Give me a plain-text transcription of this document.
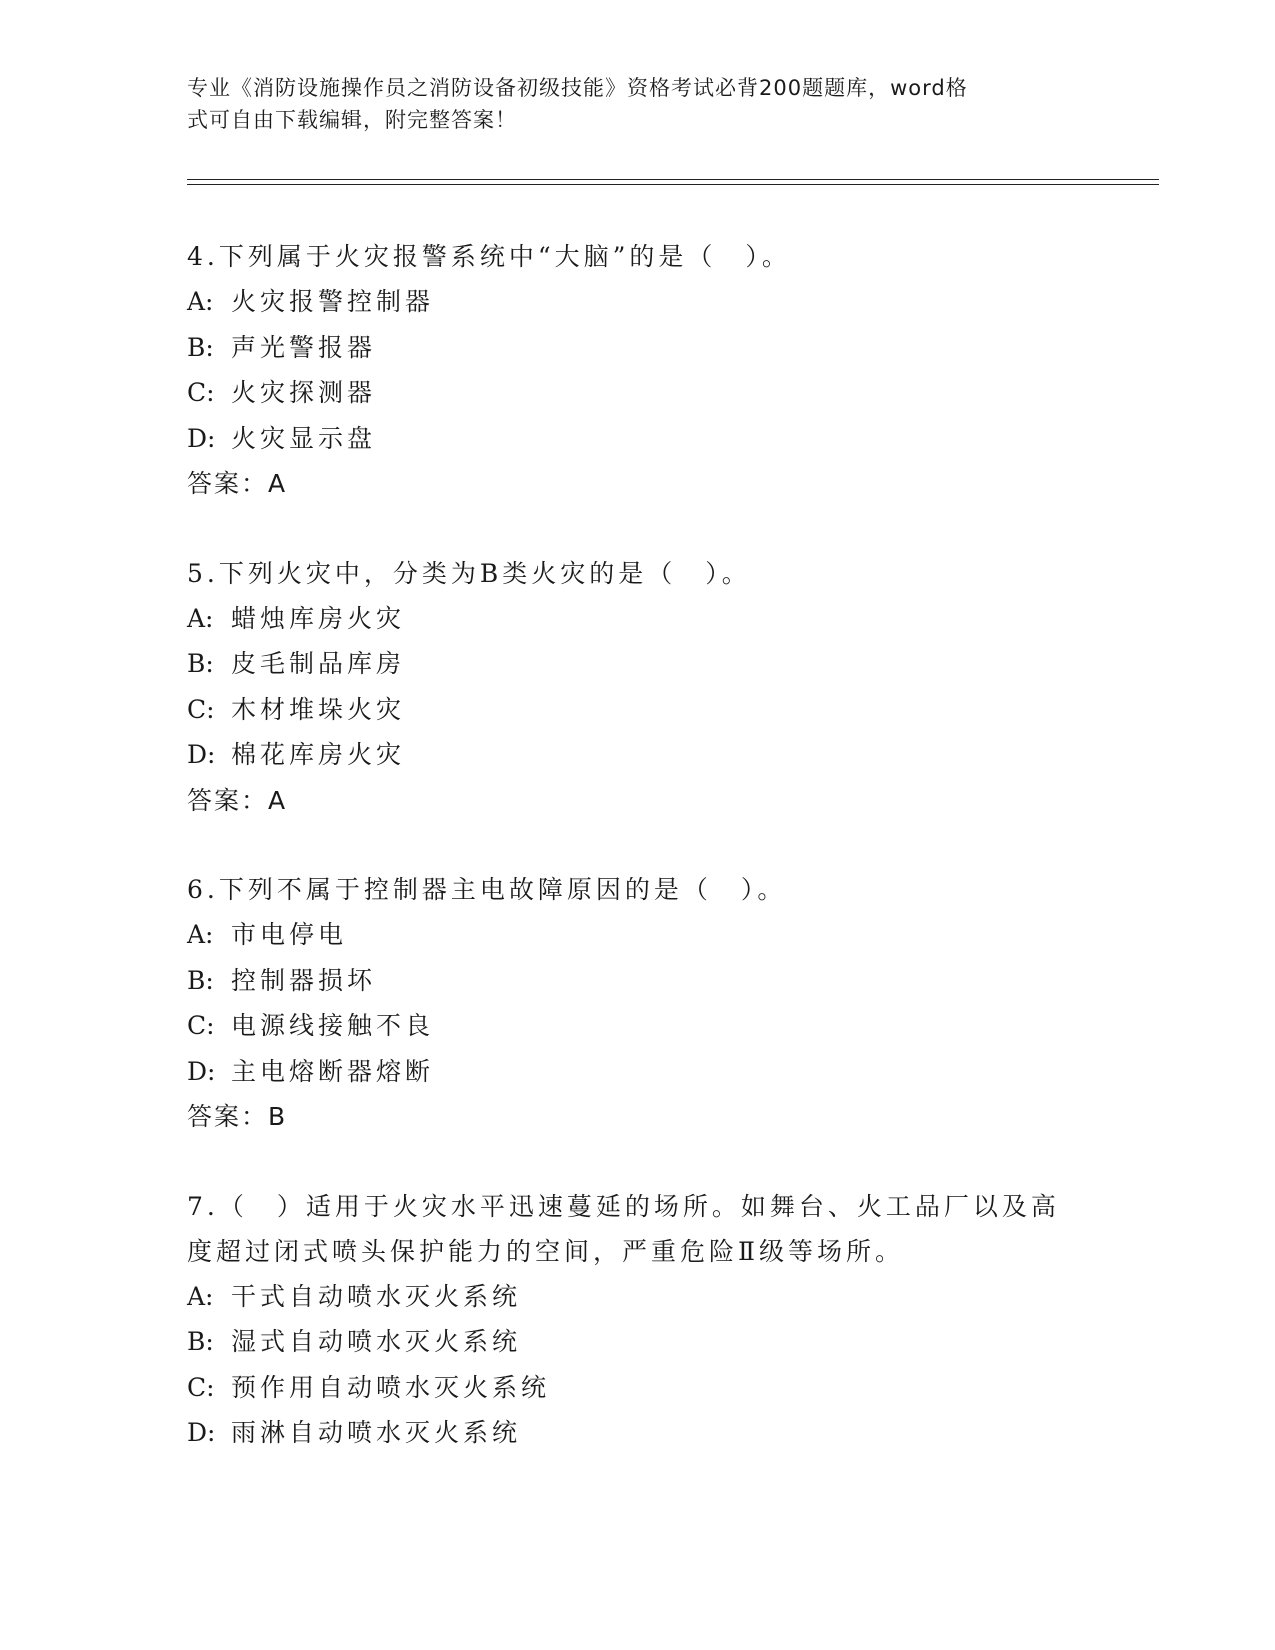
专业《消防设施操作员之消防设备初级技能》资格考试必背200题题库，word格

式可自由下载编辑，附完整答案！

4.下列属于火灾报警系统中“大脑”的是（　）。

A: 火灾报警控制器

B: 声光警报器

C: 火灾探测器

D: 火灾显示盘

答案：A

5.下列火灾中，分类为B类火灾的是（　）。

A: 蜡烛库房火灾

B: 皮毛制品库房

C: 木材堆垛火灾

D: 棉花库房火灾

答案：A

6.下列不属于控制器主电故障原因的是（　）。

A: 市电停电

B: 控制器损坏

C: 电源线接触不良

D: 主电熔断器熔断

答案：B

7.（　）适用于火灾水平迅速蔓延的场所。如舞台、火工品厂以及高度超过闭式喷头保护能力的空间，严重危险Ⅱ级等场所。

A: 干式自动喷水灭火系统

B: 湿式自动喷水灭火系统

C: 预作用自动喷水灭火系统

D: 雨淋自动喷水灭火系统
